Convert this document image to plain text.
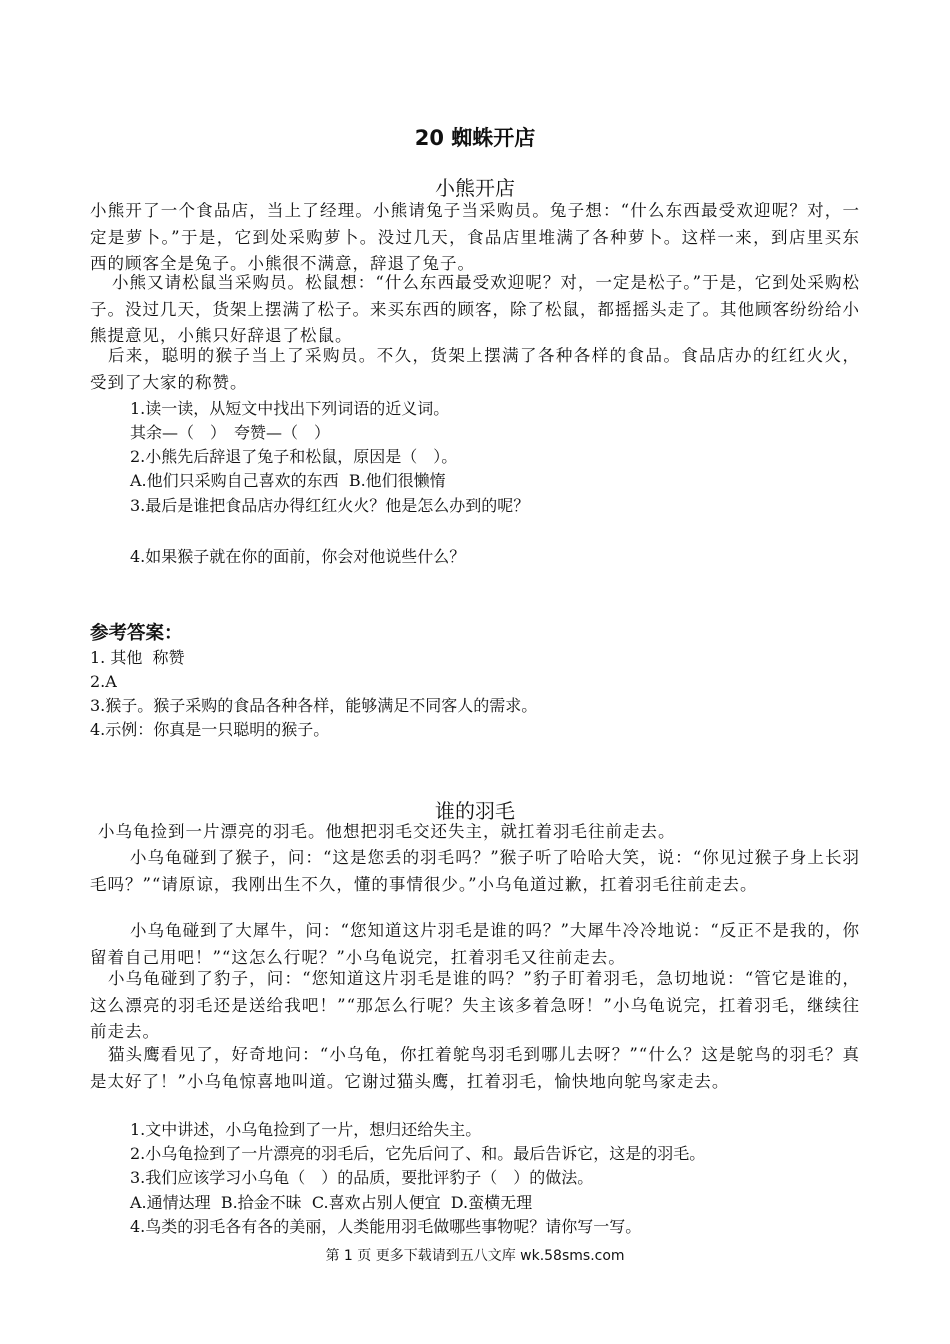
20 蜘蛛开店
小熊开店

小熊开了一个食品店，当上了经理。小熊请兔子当采购员。兔子想：“什么东西最受欢迎呢？对，一定是萝卜。”于是，它到处采购萝卜。没过几天，食品店里堆满了各种萝卜。这样一来，到店里买东西的顾客全是兔子。小熊很不满意，辞退了兔子。

小熊又请松鼠当采购员。松鼠想：“什么东西最受欢迎呢？对，一定是松子。”于是，它到处采购松子。没过几天，货架上摆满了松子。来买东西的顾客，除了松鼠，都摇摇头走了。其他顾客纷纷给小熊提意见，小熊只好辞退了松鼠。

后来，聪明的猴子当上了采购员。不久，货架上摆满了各种各样的食品。食品店办的红红火火，受到了大家的称赞。

1.读一读，从短文中找出下列词语的近义词。

其余—（　）　夸赞—（　）

2.小熊先后辞退了兔子和松鼠，原因是（　）。

A.他们只采购自己喜欢的东西  B.他们很懒惰

3.最后是谁把食品店办得红红火火？他是怎么办到的呢？

4.如果猴子就在你的面前，你会对他说些什么？

参考答案：

1. 其他  称赞

2.A

3.猴子。猴子采购的食品各种各样，能够满足不同客人的需求。

4.示例：你真是一只聪明的猴子。

谁的羽毛

小乌龟捡到一片漂亮的羽毛。他想把羽毛交还失主，就扛着羽毛往前走去。

小乌龟碰到了猴子，问：“这是您丢的羽毛吗？”猴子听了哈哈大笑，说：“你见过猴子身上长羽毛吗？”“请原谅，我刚出生不久，懂的事情很少。”小乌龟道过歉，扛着羽毛往前走去。

小乌龟碰到了大犀牛，问：“您知道这片羽毛是谁的吗？”大犀牛冷冷地说：“反正不是我的，你留着自己用吧！”“这怎么行呢？”小乌龟说完，扛着羽毛又往前走去。

小乌龟碰到了豹子，问：“您知道这片羽毛是谁的吗？”豹子盯着羽毛，急切地说：“管它是谁的，这么漂亮的羽毛还是送给我吧！”“那怎么行呢？失主该多着急呀！”小乌龟说完，扛着羽毛，继续往前走去。

猫头鹰看见了，好奇地问：“小乌龟，你扛着鸵鸟羽毛到哪儿去呀？”“什么？这是鸵鸟的羽毛？真是太好了！”小乌龟惊喜地叫道。它谢过猫头鹰，扛着羽毛，愉快地向鸵鸟家走去。

1.文中讲述，小乌龟捡到了一片，想归还给失主。

2.小乌龟捡到了一片漂亮的羽毛后，它先后问了、和。最后告诉它，这是的羽毛。

3.我们应该学习小乌龟（　）的品质，要批评豹子（　）的做法。

A.通情达理  B.拾金不昧  C.喜欢占别人便宜  D.蛮横无理

4.鸟类的羽毛各有各的美丽，人类能用羽毛做哪些事物呢？请你写一写。

第 1 页 更多下载请到五八文库 wk.58sms.com
